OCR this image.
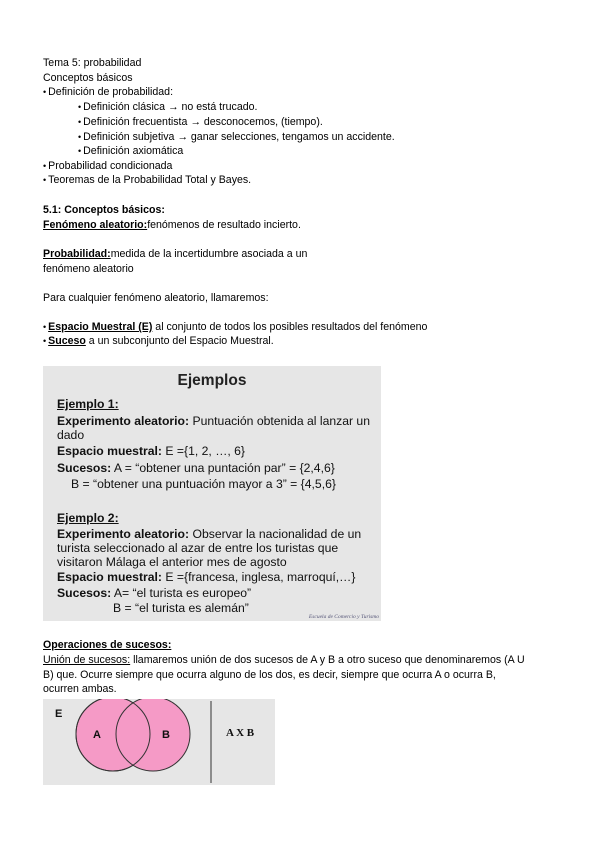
Tema 5: probabilidad
Conceptos básicos
• Definición de probabilidad:
• Definición clásica → no está trucado.
• Definición frecuentista → desconocemos, (tiempo).
• Definición subjetiva → ganar selecciones, tengamos un accidente.
• Definición axiomática
• Probabilidad condicionada
• Teoremas de la Probabilidad Total y Bayes.
5.1: Conceptos básicos:
Fenómeno aleatorio:fenómenos de resultado incierto.
Probabilidad:medida de la incertidumbre asociada a un
fenómeno aleatorio
Para cualquier fenómeno aleatorio, llamaremos:
• Espacio Muestral (E) al conjunto de todos los posibles resultados del fenómeno
• Suceso a un subconjunto del Espacio Muestral.
Ejemplos
Ejemplo 1:
Experimento aleatorio: Puntuación obtenida al lanzar un
dado
Espacio muestral: E ={1, 2, …, 6}
Sucesos: A = “obtener una puntación par” = {2,4,6}
B = “obtener una puntuación mayor a 3” = {4,5,6}
Ejemplo 2:
Experimento aleatorio: Observar la nacionalidad de un
turista seleccionado al azar de entre los turistas que
visitaron Málaga el anterior mes de agosto
Espacio muestral: E ={francesa, inglesa, marroquí,…}
Sucesos: A= “el turista es europeo”
B = “el turista es alemán”
Escuela de Comercio y Turismo
Operaciones de sucesos:
Unión de sucesos: llamaremos unión de dos sucesos de A y B a otro suceso que denominaremos (A U
B) que. Ocurre siempre que ocurra alguno de los dos, es decir, siempre que ocurra A o ocurra B,
ocurren ambas.
E
A	B	A X B
